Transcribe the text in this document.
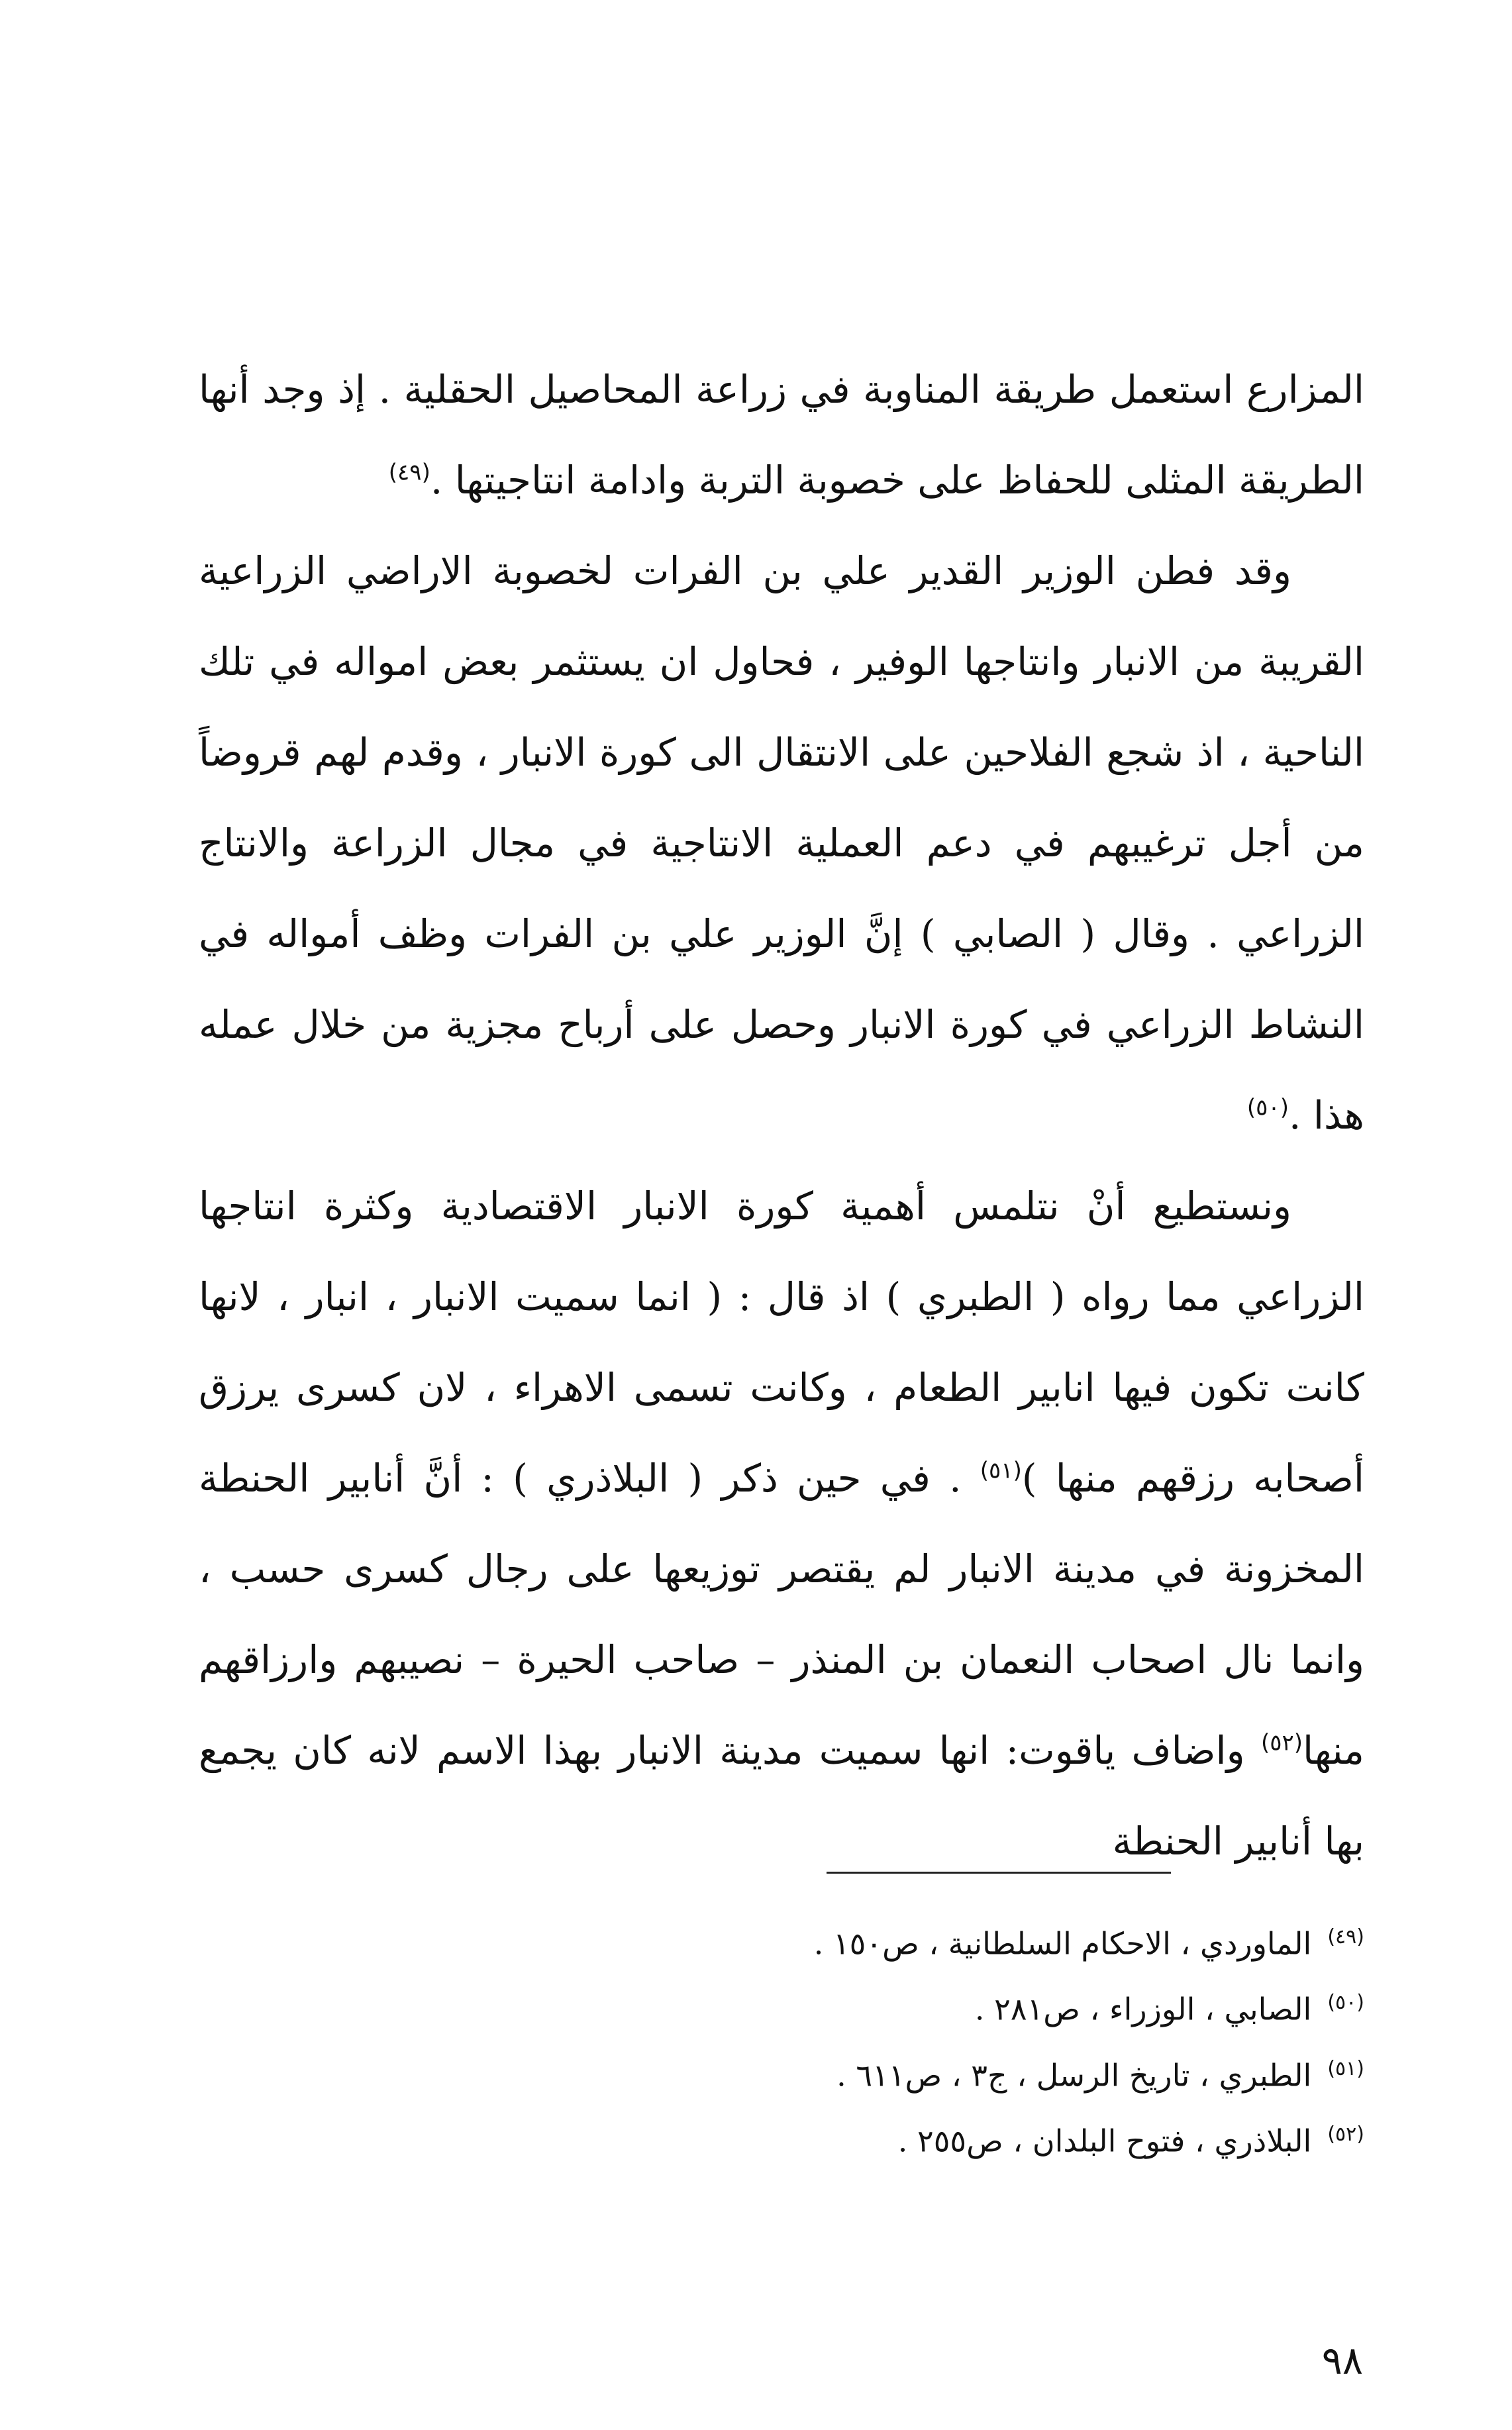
المزارع استعمل طريقة المناوبة في زراعة المحاصيل الحقلية . إذ وجد أنها الطريقة المثلى للحفاظ على خصوبة التربة وادامة انتاجيتها .$^{(٤٩)}$

وقد فطن الوزير القدير علي بن الفرات لخصوبة الاراضي الزراعية القريبة من الانبار وانتاجها الوفير ، فحاول ان يستثمر بعض امواله في تلك الناحية ، اذ شجع الفلاحين على الانتقال الى كورة الانبار ، وقدم لهم قروضاً من أجل ترغيبهم في دعم العملية الانتاجية في مجال الزراعة والانتاج الزراعي . وقال ( الصابي ) إنَّ الوزير علي بن الفرات وظف أمواله في النشاط الزراعي في كورة الانبار وحصل على أرباح مجزية من خلال عمله هذا .$^{(٥٠)}$

ونستطيع أنْ نتلمس أهمية كورة الانبار الاقتصادية وكثرة انتاجها الزراعي مما رواه ( الطبري ) اذ قال : ( انما سميت الانبار ، انبار ، لانها كانت تكون فيها انابير الطعام ، وكانت تسمى الاهراء ، لان كسرى يرزق أصحابه رزقهم منها )$^{(٥١)}$ . في حين ذكر ( البلاذري ) : أنَّ أنابير الحنطة المخزونة في مدينة الانبار لم يقتصر توزيعها على رجال كسرى حسب ، وانما نال اصحاب النعمان بن المنذر – صاحب الحيرة – نصيبهم وارزاقهم منها$^{(٥٢)}$ واضاف ياقوت: انها سميت مدينة الانبار بهذا الاسم لانه كان يجمع بها أنابير الحنطة

$^{(٤٩)}$الماوردي ، الاحكام السلطانية ، ص١٥٠ .
$^{(٥٠)}$الصابي ، الوزراء ، ص٢٨١ .
$^{(٥١)}$الطبري ، تاريخ الرسل ، ج٣ ، ص٦١١ .
$^{(٥٢)}$البلاذري ، فتوح البلدان ، ص٢٥٥ .
٩٨
